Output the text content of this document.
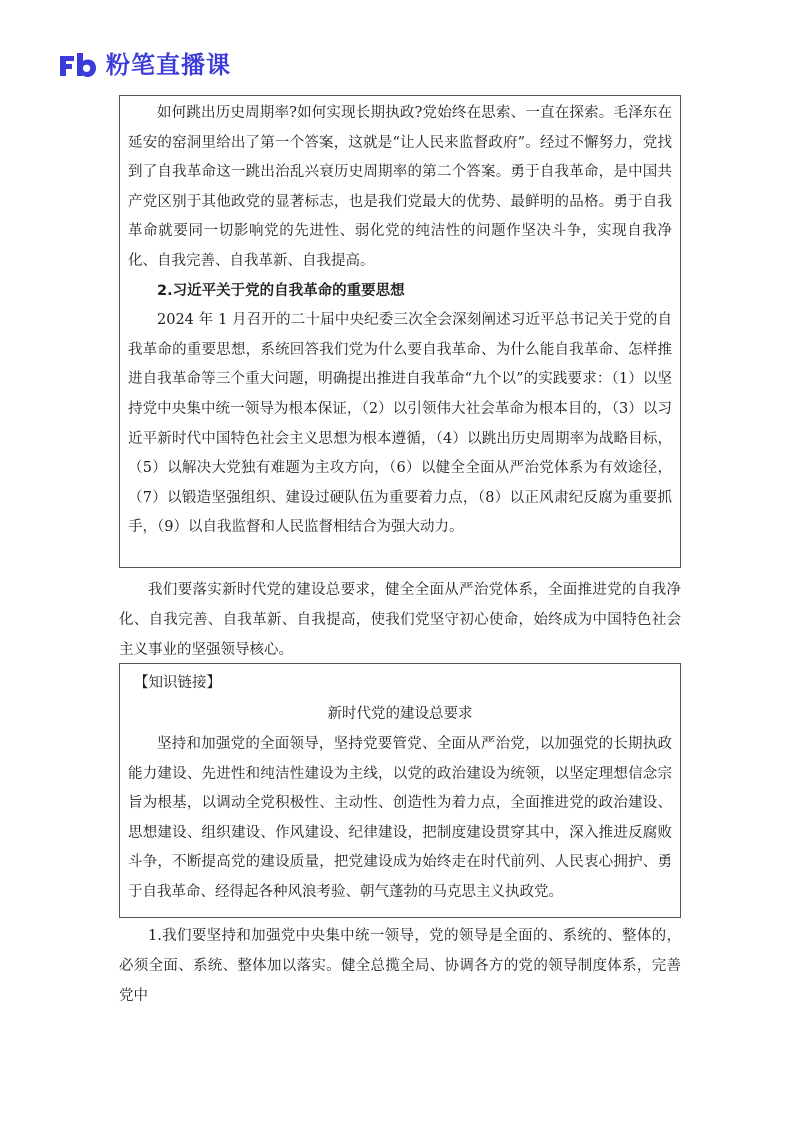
粉笔直播课

如何跳出历史周期率?如何实现长期执政?党始终在思索、一直在探索。毛泽东在延安的窑洞里给出了第一个答案，这就是“让人民来监督政府”。经过不懈努力，党找到了自我革命这一跳出治乱兴衰历史周期率的第二个答案。勇于自我革命，是中国共产党区别于其他政党的显著标志，也是我们党最大的优势、最鲜明的品格。勇于自我革命就要同一切影响党的先进性、弱化党的纯洁性的问题作坚决斗争，实现自我净化、自我完善、自我革新、自我提高。

2.习近平关于党的自我革命的重要思想

2024 年 1 月召开的二十届中央纪委三次全会深刻阐述习近平总书记关于党的自我革命的重要思想，系统回答我们党为什么要自我革命、为什么能自我革命、怎样推进自我革命等三个重大问题，明确提出推进自我革命“九个以”的实践要求：（1）以坚持党中央集中统一领导为根本保证，（2）以引领伟大社会革命为根本目的，（3）以习近平新时代中国特色社会主义思想为根本遵循，（4）以跳出历史周期率为战略目标，（5）以解决大党独有难题为主攻方向，（6）以健全全面从严治党体系为有效途径，（7）以锻造坚强组织、建设过硬队伍为重要着力点，（8）以正风肃纪反腐为重要抓手，（9）以自我监督和人民监督相结合为强大动力。

我们要落实新时代党的建设总要求，健全全面从严治党体系，全面推进党的自我净化、自我完善、自我革新、自我提高，使我们党坚守初心使命，始终成为中国特色社会主义事业的坚强领导核心。

【知识链接】

新时代党的建设总要求

坚持和加强党的全面领导，坚持党要管党、全面从严治党，以加强党的长期执政能力建设、先进性和纯洁性建设为主线，以党的政治建设为统领，以坚定理想信念宗旨为根基，以调动全党积极性、主动性、创造性为着力点，全面推进党的政治建设、思想建设、组织建设、作风建设、纪律建设，把制度建设贯穿其中，深入推进反腐败斗争，不断提高党的建设质量，把党建设成为始终走在时代前列、人民衷心拥护、勇于自我革命、经得起各种风浪考验、朝气蓬勃的马克思主义执政党。

1.我们要坚持和加强党中央集中统一领导，党的领导是全面的、系统的、整体的，必须全面、系统、整体加以落实。健全总揽全局、协调各方的党的领导制度体系，完善党中
